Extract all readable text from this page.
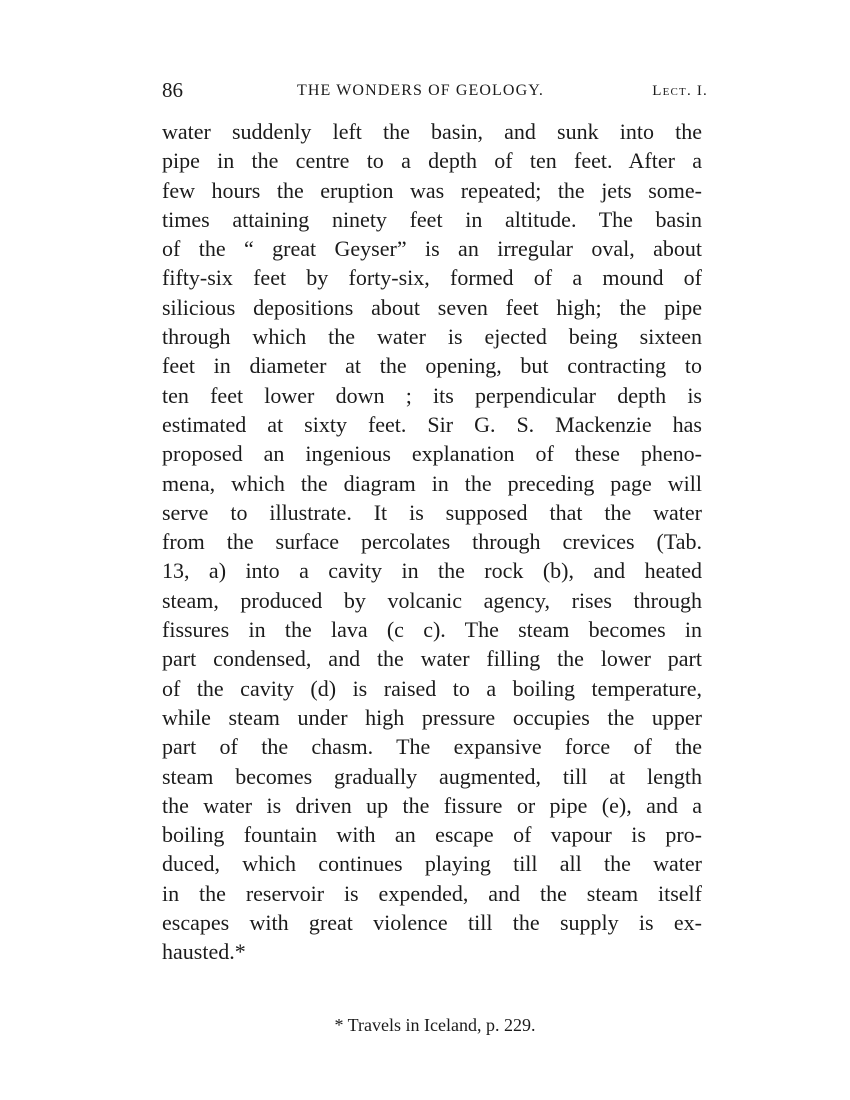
86	THE WONDERS OF GEOLOGY.	Lect. I.
water suddenly left the basin, and sunk into the
pipe in the centre to a depth of ten feet. After a
few hours the eruption was repeated; the jets some-
times attaining ninety feet in altitude. The basin
of the “ great Geyser” is an irregular oval, about
fifty-six feet by forty-six, formed of a mound of
silicious depositions about seven feet high; the pipe
through which the water is ejected being sixteen
feet in diameter at the opening, but contracting to
ten feet lower down ; its perpendicular depth is
estimated at sixty feet. Sir G. S. Mackenzie has
proposed an ingenious explanation of these pheno-
mena, which the diagram in the preceding page will
serve to illustrate. It is supposed that the water
from the surface percolates through crevices (Tab.
13, a) into a cavity in the rock (b), and heated
steam, produced by volcanic agency, rises through
fissures in the lava (c c). The steam becomes in
part condensed, and the water filling the lower part
of the cavity (d) is raised to a boiling temperature,
while steam under high pressure occupies the upper
part of the chasm. The expansive force of the
steam becomes gradually augmented, till at length
the water is driven up the fissure or pipe (e), and a
boiling fountain with an escape of vapour is pro-
duced, which continues playing till all the water
in the reservoir is expended, and the steam itself
escapes with great violence till the supply is ex-
hausted.*
* Travels in Iceland, p. 229.
